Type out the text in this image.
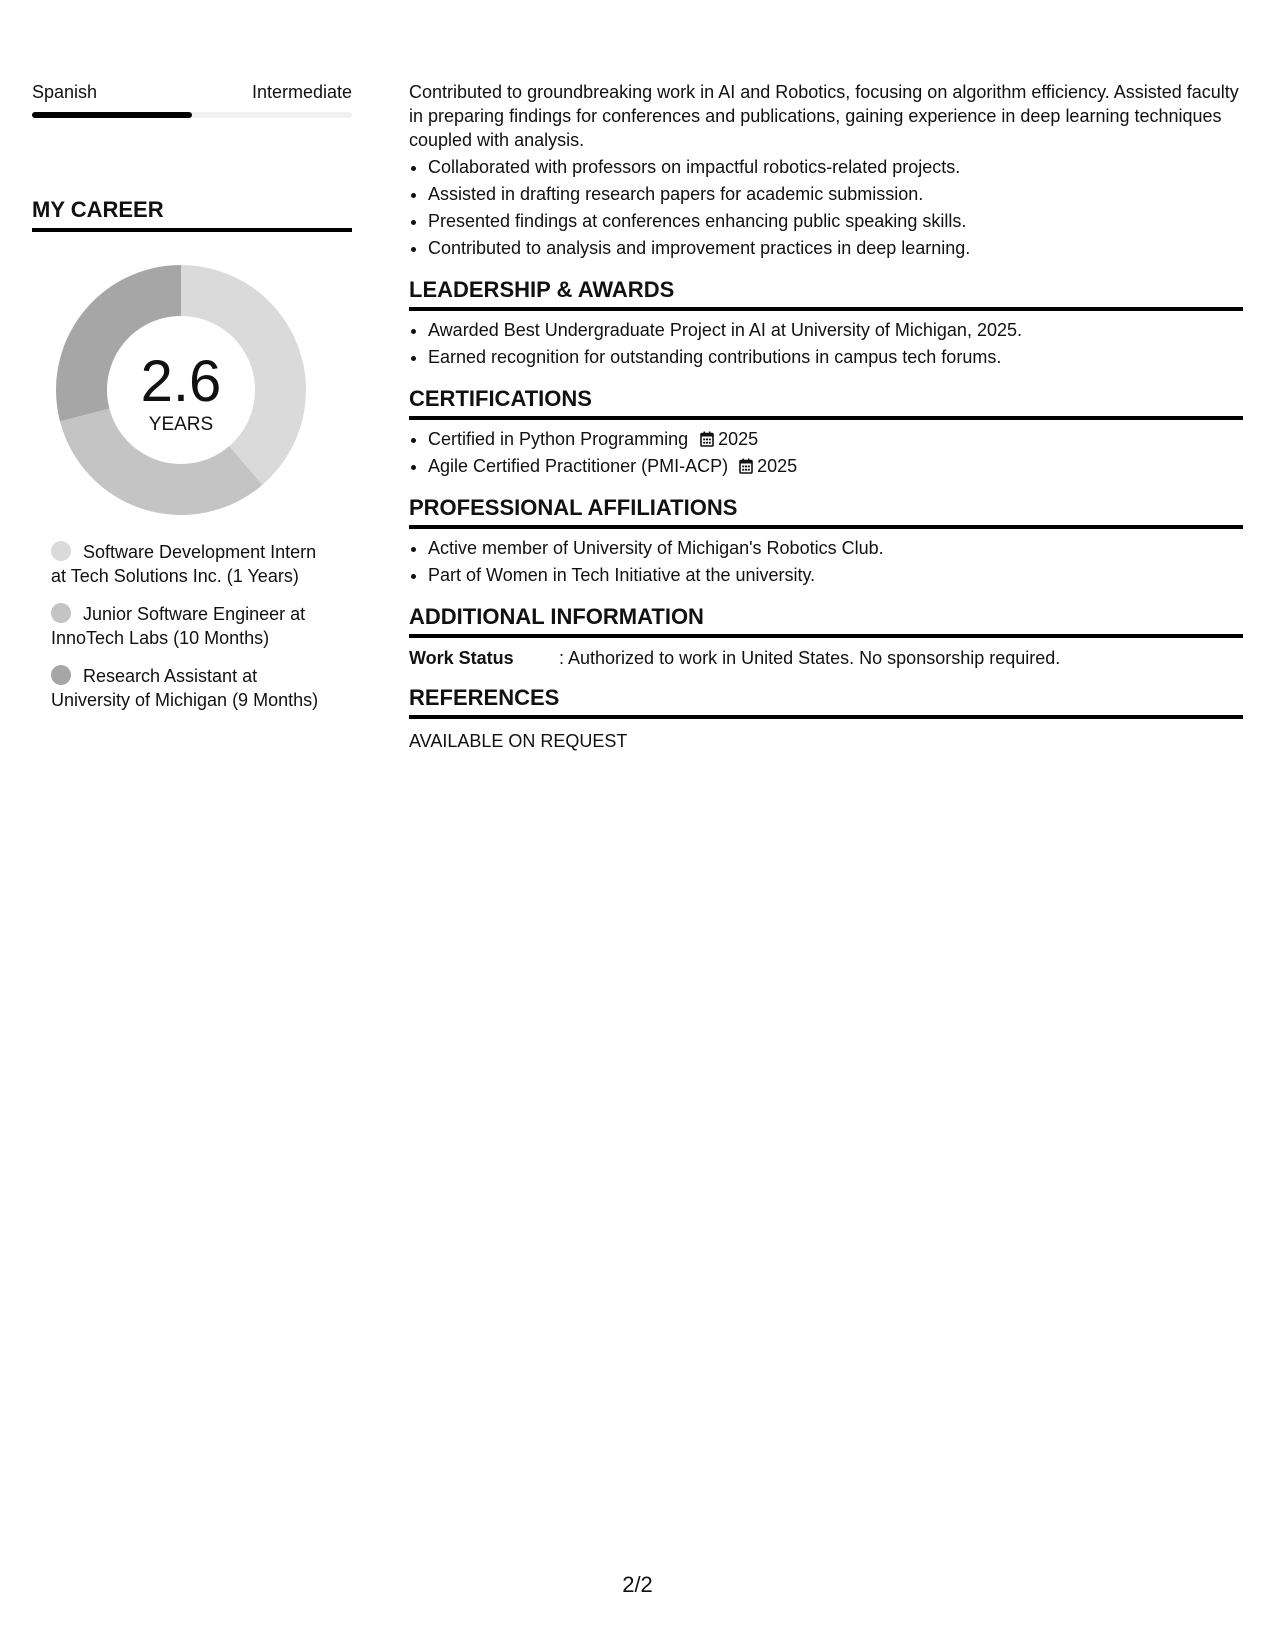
Spanish	Intermediate
MY CAREER
2.6
YEARS
Software Development Intern at Tech Solutions Inc. (1 Years)
Junior Software Engineer at InnoTech Labs (10 Months)
Research Assistant at University of Michigan (9 Months)

Contributed to groundbreaking work in AI and Robotics, focusing on algorithm efficiency. Assisted faculty in preparing findings for conferences and publications, gaining experience in deep learning techniques coupled with analysis.

• Collaborated with professors on impactful robotics-related projects.
• Assisted in drafting research papers for academic submission.
• Presented findings at conferences enhancing public speaking skills.
• Contributed to analysis and improvement practices in deep learning.
LEADERSHIP & AWARDS
• Awarded Best Undergraduate Project in AI at University of Michigan, 2025.
• Earned recognition for outstanding contributions in campus tech forums.
CERTIFICATIONS
• Certified in Python Programming 2025
• Agile Certified Practitioner (PMI-ACP) 2025
PROFESSIONAL AFFILIATIONS
• Active member of University of Michigan's Robotics Club.
• Part of Women in Tech Initiative at the university.
ADDITIONAL INFORMATION
Work Status	: Authorized to work in United States. No sponsorship required.
REFERENCES
AVAILABLE ON REQUEST
2/2
